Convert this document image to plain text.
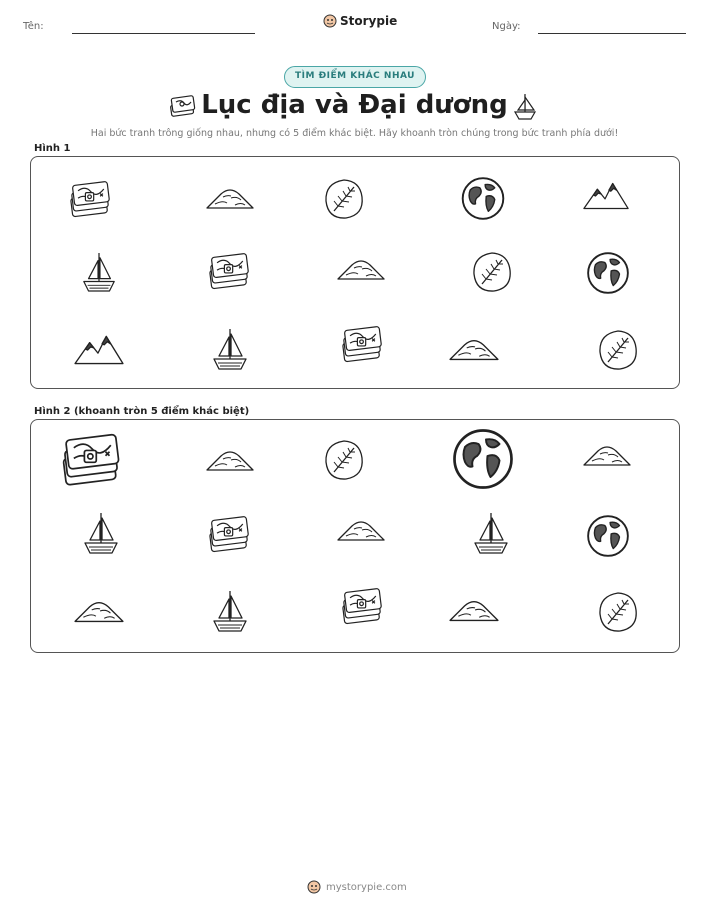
Tên:	Storypie	Ngày:
TÌM ĐIỂM KHÁC NHAU
Lục địa và Đại dương
Hai bức tranh trông giống nhau, nhưng có 5 điểm khác biệt. Hãy khoanh tròn chúng trong bức tranh phía dưới!
Hình 1
Hình 2 (khoanh tròn 5 điểm khác biệt)
mystorypie.com
